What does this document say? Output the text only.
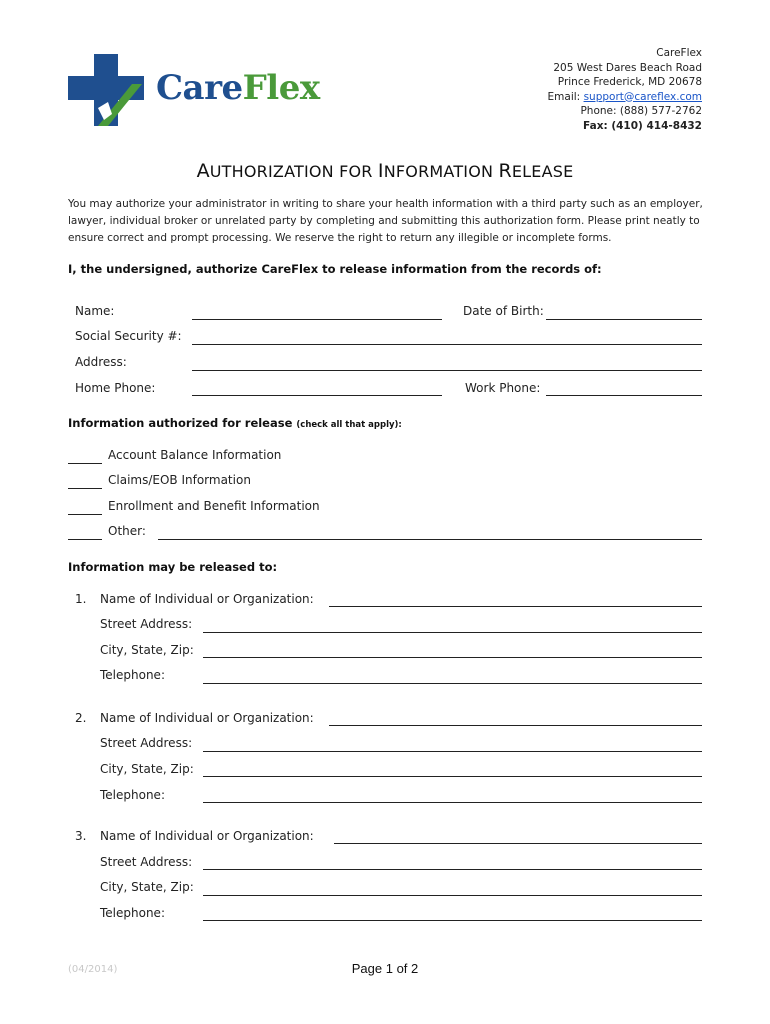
CareFlex
CareFlex
205 West Dares Beach Road
Prince Frederick, MD 20678
Email: support@careflex.com
Phone: (888) 577-2762
Fax: (410) 414-8432
AUTHORIZATION FOR INFORMATION RELEASE
You may authorize your administrator in writing to share your health information with a third party such as an employer, lawyer, individual broker or unrelated party by completing and submitting this authorization form. Please print neatly to ensure correct and prompt processing. We reserve the right to return any illegible or incomplete forms.
I, the undersigned, authorize CareFlex to release information from the records of:
Name:	Date of Birth:
Social Security #:
Address:
Home Phone:	Work Phone:
Information authorized for release (check all that apply):
Account Balance Information
Claims/EOB Information
Enrollment and Benefit Information
Other:
Information may be released to:
1. Name of Individual or Organization:
Street Address:
City, State, Zip:
Telephone:
2. Name of Individual or Organization:
Street Address:
City, State, Zip:
Telephone:
3. Name of Individual or Organization:
Street Address:
City, State, Zip:
Telephone:
(04/2014)	Page 1 of 2
